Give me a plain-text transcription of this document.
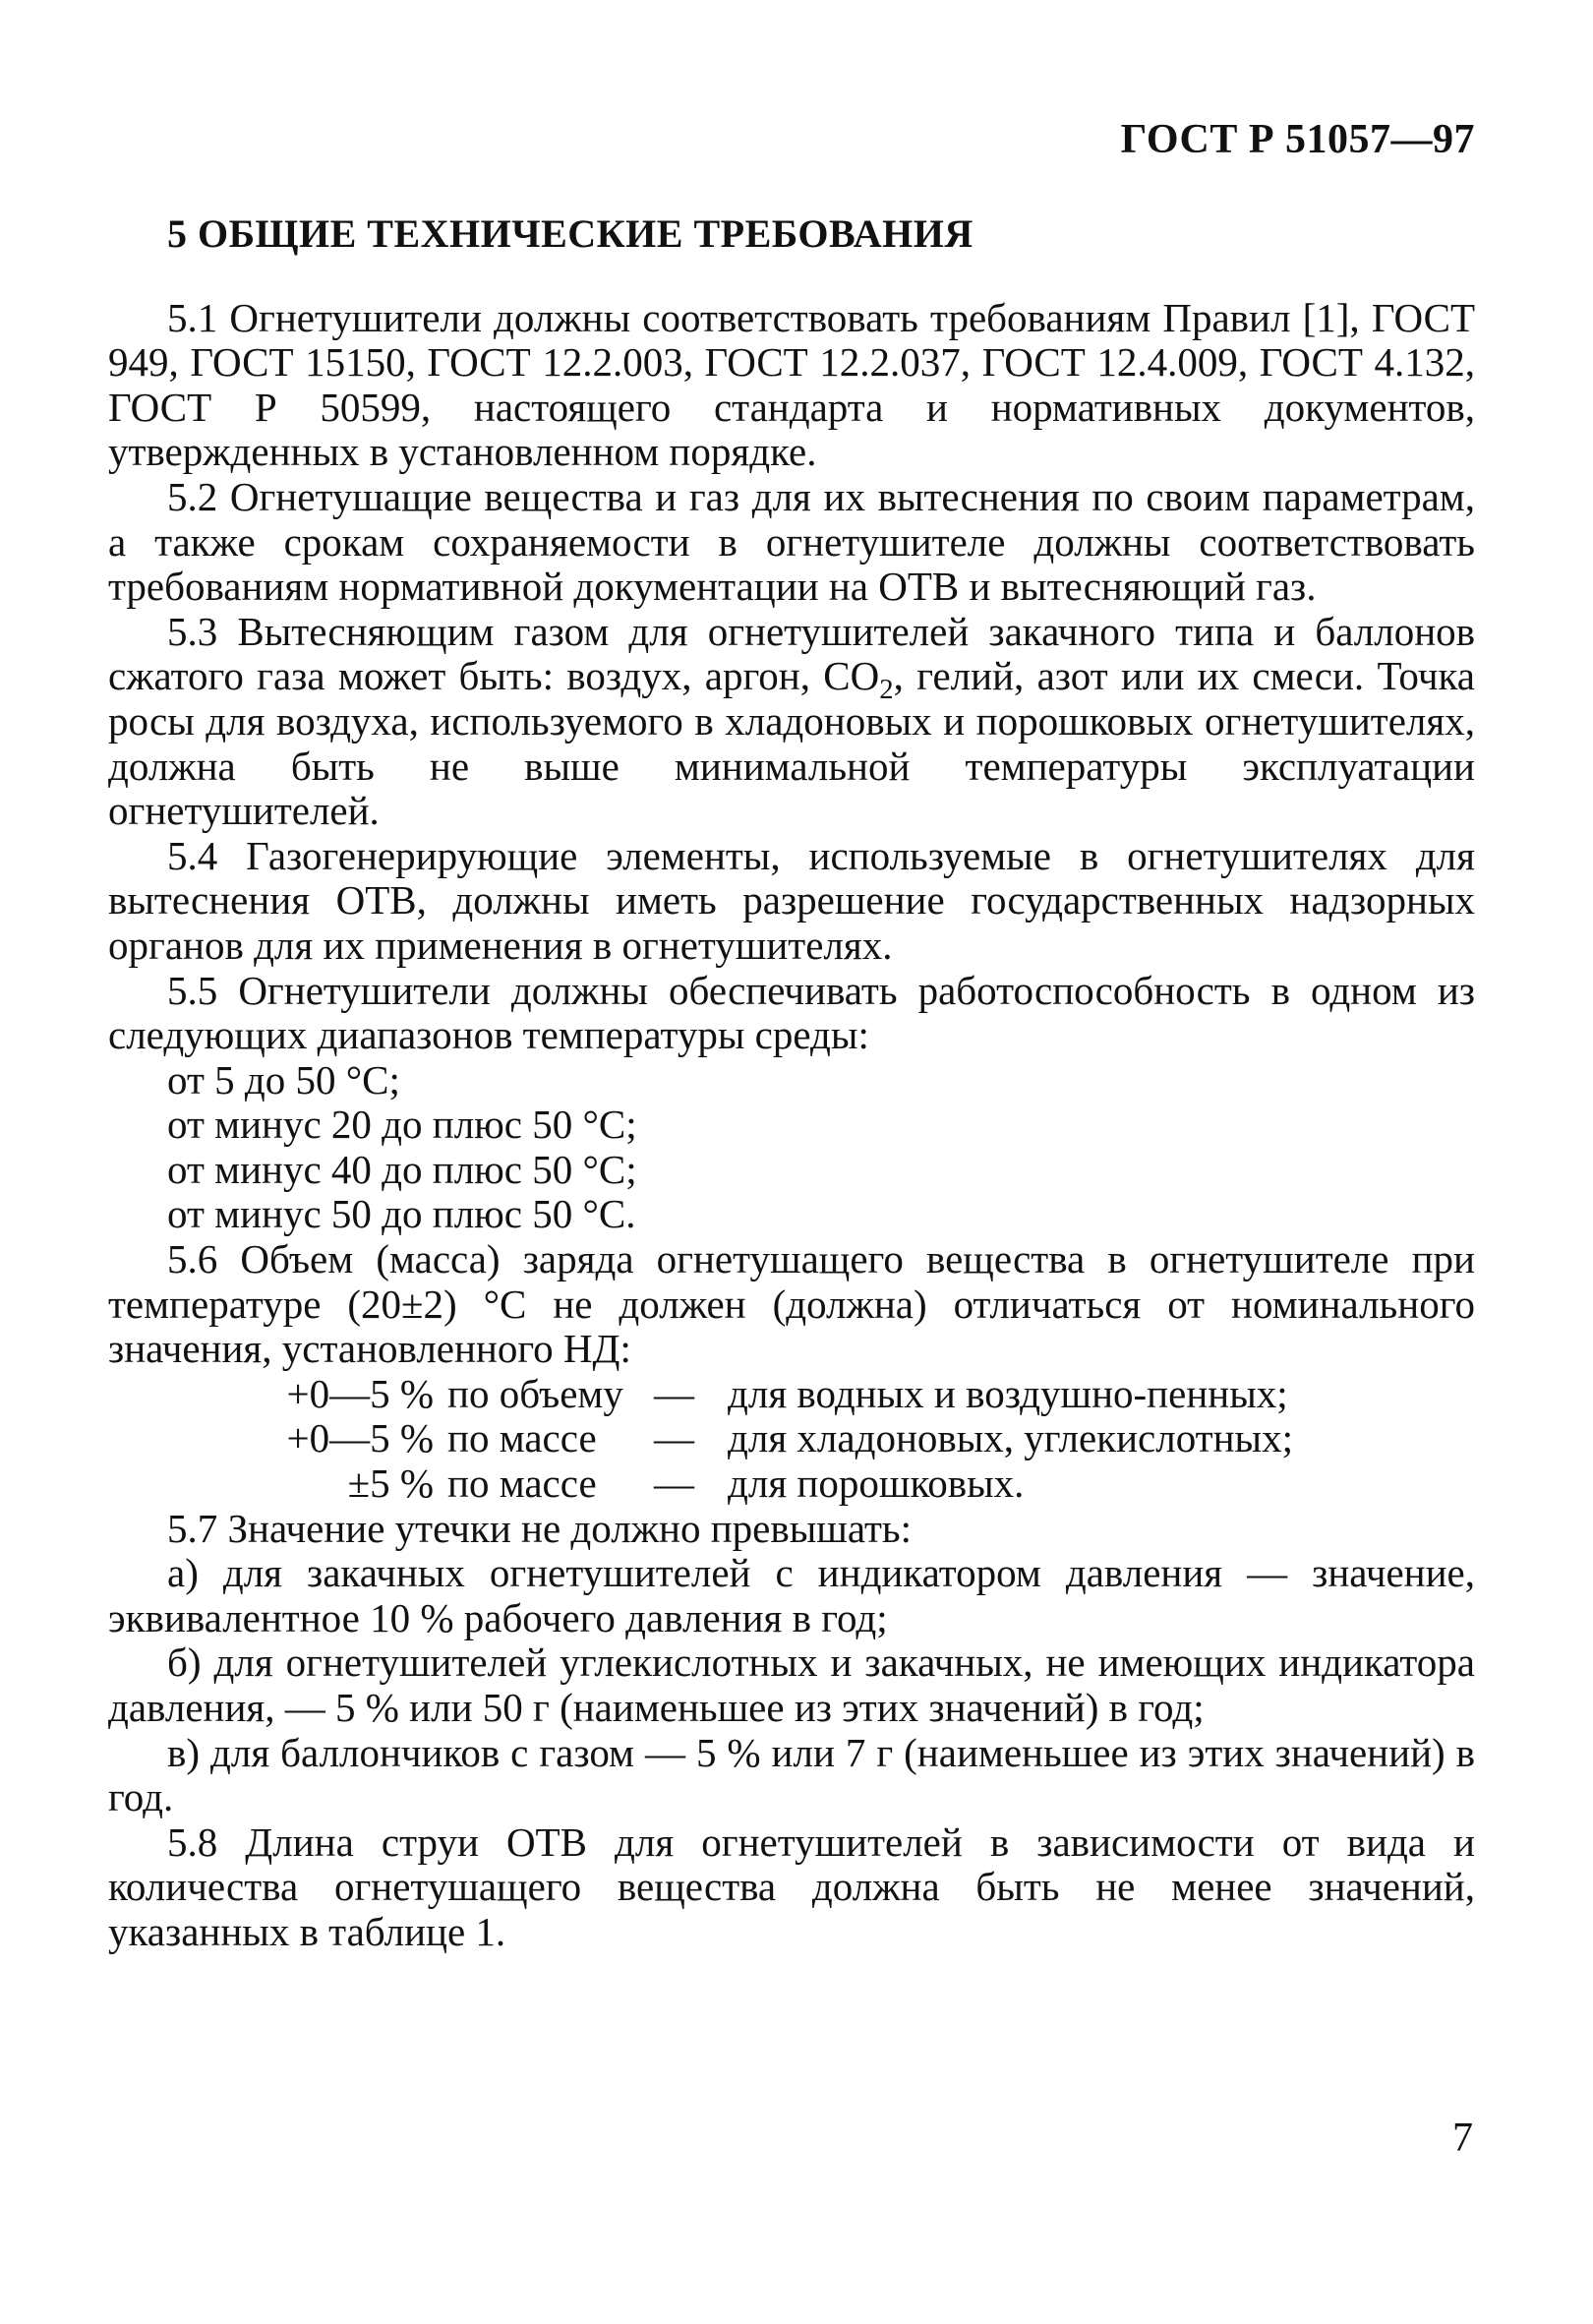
ГОСТ Р 51057—97
5 ОБЩИЕ ТЕХНИЧЕСКИЕ ТРЕБОВАНИЯ

5.1 Огнетушители должны соответствовать требованиям Правил [1], ГОСТ 949, ГОСТ 15150, ГОСТ 12.2.003, ГОСТ 12.2.037, ГОСТ 12.4.009, ГОСТ 4.132, ГОСТ Р 50599, настоящего стандарта и нормативных документов, утвержденных в установленном порядке.

5.2 Огнетушащие вещества и газ для их вытеснения по своим параметрам, а также срокам сохраняемости в огнетушителе должны соответствовать требованиям нормативной документации на ОТВ и вытесняющий газ.

5.3 Вытесняющим газом для огнетушителей закачного типа и баллонов сжатого газа может быть: воздух, аргон, $CO_2$, гелий, азот или их смеси. Точка росы для воздуха, используемого в хладоновых и порошковых огнетушителях, должна быть не выше минимальной температуры эксплуатации огнетушителей.

5.4 Газогенерирующие элементы, используемые в огнетушителях для вытеснения ОТВ, должны иметь разрешение государственных надзорных органов для их применения в огнетушителях.

5.5 Огнетушители должны обеспечивать работоспособность в одном из следующих диапазонов температуры среды:

от 5 до 50 °С;
от минус 20 до плюс 50 °С;
от минус 40 до плюс 50 °С;
от минус 50 до плюс 50 °С.

5.6 Объем (масса) заряда огнетушащего вещества в огнетушителе при температуре (20±2) °С не должен (должна) отличаться от номинального значения, установленного НД:

+0—5 %	по объему	—	для водных и воздушно-пенных;
+0—5 %	по массе	—	для хладоновых, углекислотных;
±5 %	по массе	—	для порошковых.

5.7 Значение утечки не должно превышать:

а) для закачных огнетушителей с индикатором давления — значение, эквивалентное 10 % рабочего давления в год;

б) для огнетушителей углекислотных и закачных, не имеющих индикатора давления, — 5 % или 50 г (наименьшее из этих значений) в год;

в) для баллончиков с газом — 5 % или 7 г (наименьшее из этих значений) в год.

5.8 Длина струи ОТВ для огнетушителей в зависимости от вида и количества огнетушащего вещества должна быть не менее значений, указанных в таблице 1.

7
